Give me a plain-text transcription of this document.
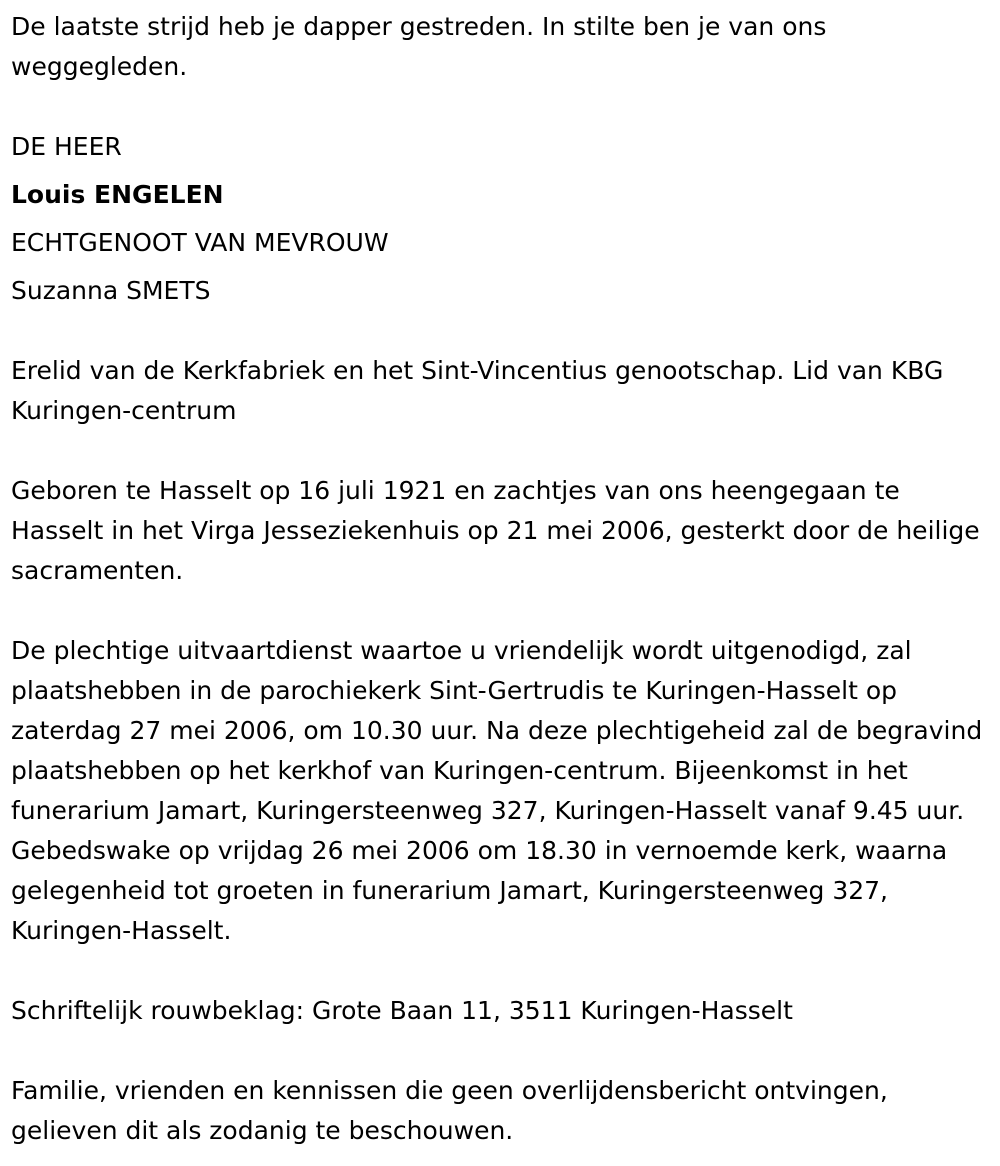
De laatste strijd heb je dapper gestreden. In stilte ben je van ons weggegleden.

DE HEER

Louis ENGELEN

ECHTGENOOT VAN MEVROUW

Suzanna SMETS

Erelid van de Kerkfabriek en het Sint-Vincentius genootschap. Lid van KBG Kuringen-centrum

Geboren te Hasselt op 16 juli 1921 en zachtjes van ons heengegaan te Hasselt in het Virga Jesseziekenhuis op 21 mei 2006, gesterkt door de heilige sacramenten.

De plechtige uitvaartdienst waartoe u vriendelijk wordt uitgenodigd, zal plaatshebben in de parochiekerk Sint-Gertrudis te Kuringen-Hasselt op zaterdag 27 mei 2006, om 10.30 uur. Na deze plechtigeheid zal de begravind plaatshebben op het kerkhof van Kuringen-centrum. Bijeenkomst in het funerarium Jamart, Kuringersteenweg 327, Kuringen-Hasselt vanaf 9.45 uur. Gebedswake op vrijdag 26 mei 2006 om 18.30 in vernoemde kerk, waarna gelegenheid tot groeten in funerarium Jamart, Kuringersteenweg 327, Kuringen-Hasselt.

Schriftelijk rouwbeklag: Grote Baan 11, 3511 Kuringen-Hasselt

Familie, vrienden en kennissen die geen overlijdensbericht ontvingen, gelieven dit als zodanig te beschouwen.
